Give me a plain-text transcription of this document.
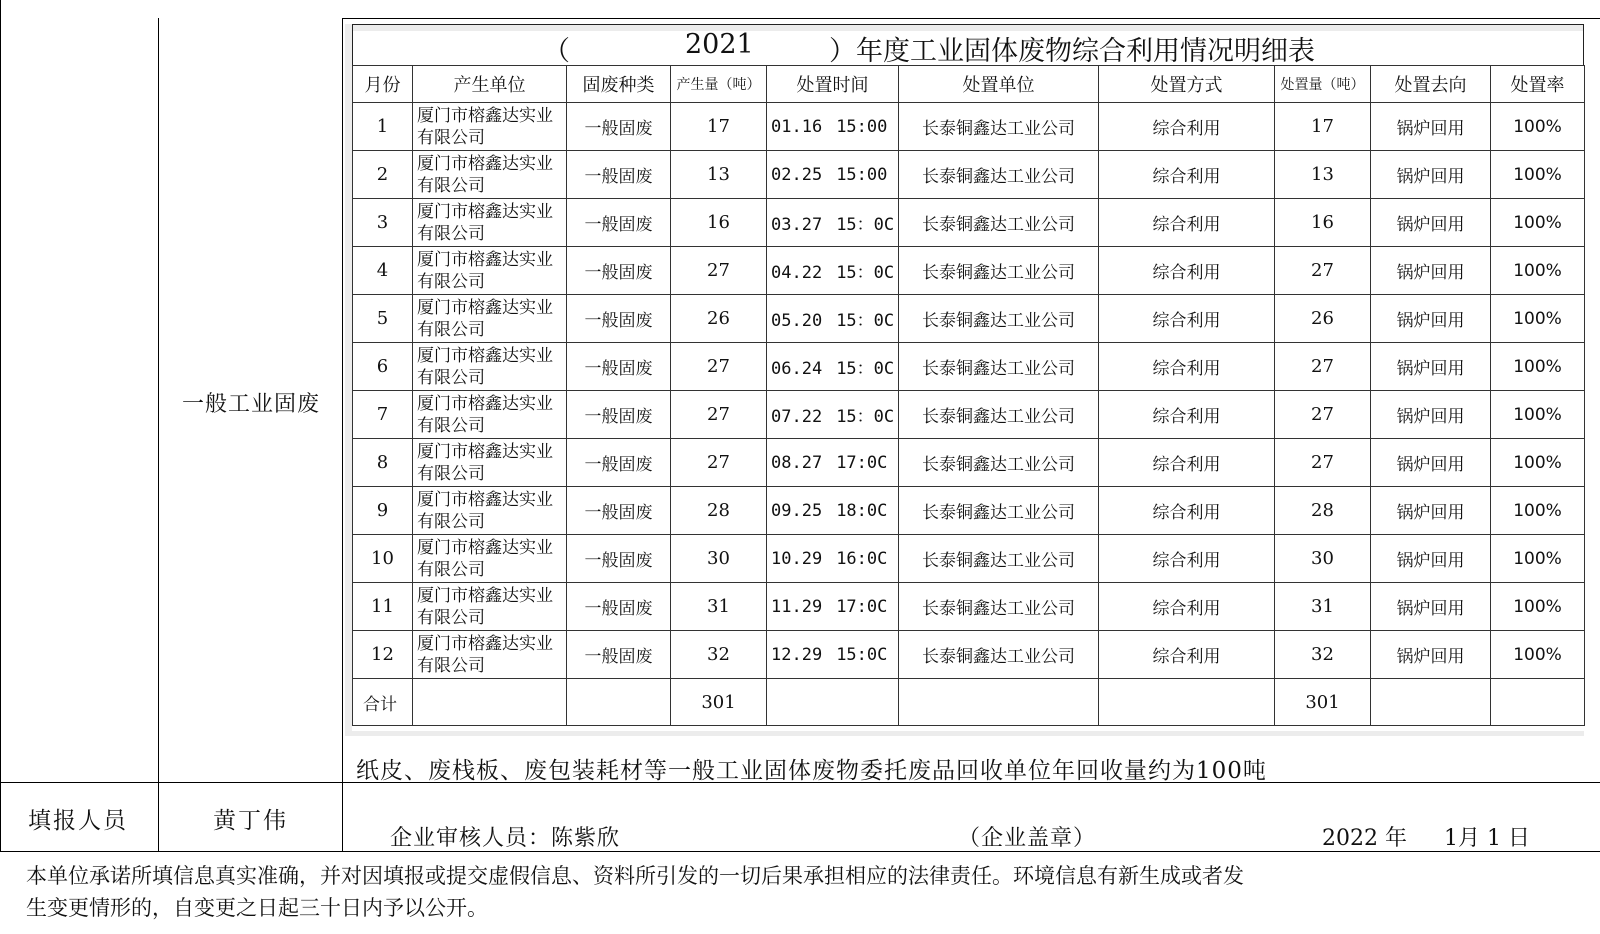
一般工业固废
（	2021	）年度工业固体废物综合利用情况明细表
月份	产生单位	固废种类	产生量（吨）	处置时间	处置单位	处置方式	处置量（吨）	处置去向	处置率
1	厦门市榕鑫达实业有限公司	一般固废	17	01.16 15:00	长泰铜鑫达工业公司	综合利用	17	锅炉回用	100%
2	厦门市榕鑫达实业有限公司	一般固废	13	02.25 15:00	长泰铜鑫达工业公司	综合利用	13	锅炉回用	100%
3	厦门市榕鑫达实业有限公司	一般固废	16	03.27 15：0C	长泰铜鑫达工业公司	综合利用	16	锅炉回用	100%
4	厦门市榕鑫达实业有限公司	一般固废	27	04.22 15：0C	长泰铜鑫达工业公司	综合利用	27	锅炉回用	100%
5	厦门市榕鑫达实业有限公司	一般固废	26	05.20 15：0C	长泰铜鑫达工业公司	综合利用	26	锅炉回用	100%
6	厦门市榕鑫达实业有限公司	一般固废	27	06.24 15：0C	长泰铜鑫达工业公司	综合利用	27	锅炉回用	100%
7	厦门市榕鑫达实业有限公司	一般固废	27	07.22 15：0C	长泰铜鑫达工业公司	综合利用	27	锅炉回用	100%
8	厦门市榕鑫达实业有限公司	一般固废	27	08.27 17:0C	长泰铜鑫达工业公司	综合利用	27	锅炉回用	100%
9	厦门市榕鑫达实业有限公司	一般固废	28	09.25 18:0C	长泰铜鑫达工业公司	综合利用	28	锅炉回用	100%
10	厦门市榕鑫达实业有限公司	一般固废	30	10.29 16:0C	长泰铜鑫达工业公司	综合利用	30	锅炉回用	100%
11	厦门市榕鑫达实业有限公司	一般固废	31	11.29 17:0C	长泰铜鑫达工业公司	综合利用	31	锅炉回用	100%
12	厦门市榕鑫达实业有限公司	一般固废	32	12.29 15:0C	长泰铜鑫达工业公司	综合利用	32	锅炉回用	100%
合计			301				301		
纸皮、废栈板、废包装耗材等一般工业固体废物委托废品回收单位年回收量约为100吨
填报人员	黄丁伟
企业审核人员：陈紫欣	（企业盖章）	2022 年 1月 1 日
本单位承诺所填信息真实准确，并对因填报或提交虚假信息、资料所引发的一切后果承担相应的法律责任。环境信息有新生成或者发
生变更情形的，自变更之日起三十日内予以公开。
